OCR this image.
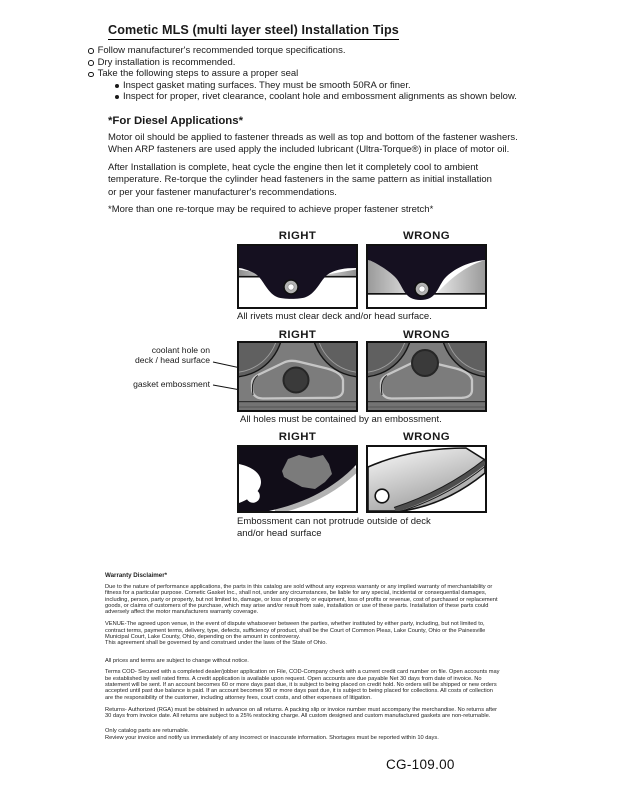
Cometic MLS (multi layer steel) Installation Tips
Follow manufacturer's recommended torque specifications.
Dry installation is recommended.
Take the following steps to assure a proper seal
Inspect gasket mating surfaces. They must be smooth 50RA or finer.
Inspect for proper, rivet clearance, coolant hole and embossment alignments as shown below.
*For Diesel Applications*
Motor oil should be applied to fastener threads as well as top and bottom of the fastener washers.
When ARP fasteners are used apply the included lubricant (Ultra-Torque®) in place of motor oil.
After Installation is complete, heat cycle the engine then let it completely cool to ambient
temperature. Re-torque the cylinder head fasteners in the same pattern as initial installation
or per your fastener manufacturer's recommendations.
*More than one re-torque may be required to achieve proper fastener stretch*
RIGHT	WRONG
All rivets must clear deck and/or head surface.
RIGHT	WRONG
coolant hole on
deck / head surface
gasket embossment
All holes must be contained by an embossment.
RIGHT	WRONG
Embossment can not protrude outside of deck
and/or head surface

Warranty Disclaimer*

Due to the nature of performance applications, the parts in this catalog are sold without any express warranty or any implied warranty of merchantability or
fitness for a particular purpose. Cometic Gasket Inc., shall not, under any circumstances, be liable for any special, incidental or consequential damages,
including, person, party or property, but not limited to, damage, or loss of property or equipment, loss of profits or revenue, cost of purchased or replacement
goods, or claims of customers of the purchase, which may arise and/or result from sale, installation or use of these parts. Installation of these parts could
adversely affect the motor manufacturers warranty coverage.
VENUE-The agreed upon venue, in the event of dispute whatsoever between the parties, whether instituted by either party, including, but not limited to,
contract terms, payment terms, delivery, type, defects, sufficiency of product, shall be the Court of Common Pleas, Lake County, Ohio or the Painesville
Municipal Court, Lake County, Ohio, depending on the amount in controversy.
This agreement shall be governed by and construed under the laws of the State of Ohio.
All prices and terms are subject to change without notice.
Terms COD- Secured with a completed dealer/jobber application on File, COD-Company check with a current credit card number on file. Open accounts may
be established by well rated firms. A credit application is available upon request. Open accounts are due payable Net 30 days from date of invoice. No
statement will be sent. If an account becomes 60 or more days past due, it is subject to being placed on credit hold. No orders will be shipped or new orders
accepted until past due balance is paid. If an account becomes 90 or more days past due, it is subject to being placed for collections. All costs of collection
are the responsibility of the customer, including attorney fees, court costs, and other expenses of litigation.
Returns- Authorized (RGA) must be obtained in advance on all returns. A packing slip or invoice number must accompany the merchandise. No returns after
30 days from invoice date. All returns are subject to a 25% restocking charge. All custom designed and custom manufactured gaskets are non-returnable.
Only catalog parts are returnable.
Review your invoice and notify us immediately of any incorrect or inaccurate information. Shortages must be reported within 10 days.
CG-109.00
